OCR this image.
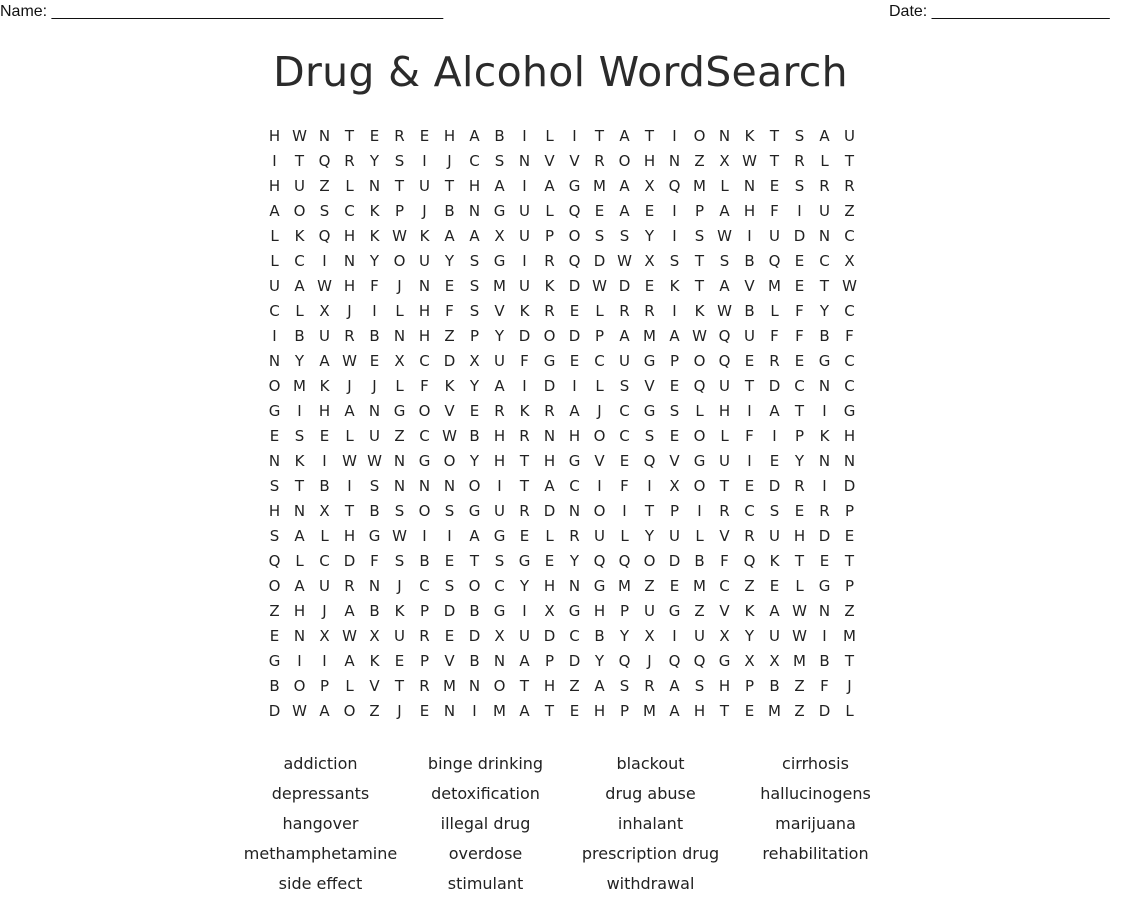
Name: ____________________________________________	Date: ____________________
Drug & Alcohol WordSearch
H W N T	E	R	E H A B	I	L	I	T	A	T	I	O N K	T	S	A U
I	T Q R	Y	S	I	J	C	S N V V R O H N Z X W T	R	L	T
H U Z	L	N T U T H A	I	A G M A X Q M L	N E	S	R R
A O S C K	P	J	B N G U	L Q E	A	E	I	P	A H	F	I	U Z
L	K Q H K W K A A X U P O S	S	Y	I	S W	I	U D N C
L	C	I	N Y O U Y	S G	I	R Q D W X	S	T	S	B Q E	C X
U A W H	F	J	N E	S M U K D W D E	K	T	A V M E	T W
C	L	X	J	I	L	H	F	S	V K R	E	L	R R	I	K W B	L	F	Y	C
I	B U R B N H Z	P	Y D O D P	A M A W Q U	F	F	B	F
N Y	A W E	X C D X U	F G E	C U G P O Q E	R	E G C
O M K	J	J	L	F	K	Y	A	I	D	I	L	S	V	E Q U T D C N C
G	I	H A N G O V	E	R K R A	J	C G S	L	H	I	A	T	I	G
E	S	E	L	U Z C W B H R N H O C	S	E O L	F	I	P	K H
N K	I	W W N G O Y H T H G V	E Q V G U	I	E	Y N N
S	T	B	I	S N N N O	I	T	A C	I	F	I	X O T	E D R	I	D
H N X	T	B	S O S G U R D N O	I	T	P	I	R C	S	E	R	P
S	A	L	H G W	I	I	A G E	L	R U	L	Y U	L	V R U H D E
Q L	C D F	S	B	E	T	S G E	Y Q Q O D B	F Q K	T	E	T
O A U R N	J	C	S O C	Y H N G M Z	E M C Z	E	L	G P
Z H	J	A B K	P D B G	I	X G H P U G Z V K A W N Z
E N X W X U R	E D X U D C B	Y	X	I	U X	Y U W	I	M
G	I	I	A K	E	P	V B N A	P D Y Q	J	Q Q G X X M B	T
B O P	L	V	T	R M N O T H Z A	S	R A	S H P	B Z	F	J
D W A O Z	J	E N	I	M A	T	E H P M A H T	E M Z D	L
addiction	binge drinking	blackout	cirrhosis
depressants	detoxification	drug abuse	hallucinogens
hangover	illegal drug	inhalant	marijuana
methamphetamine	overdose	prescription drug	rehabilitation
side effect	stimulant	withdrawal
